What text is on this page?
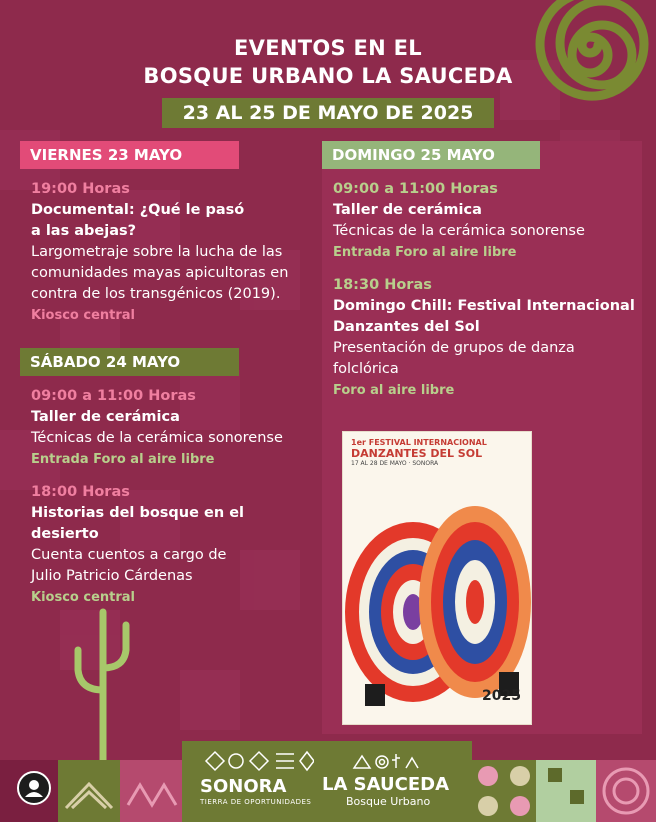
EVENTOS EN EL
BOSQUE URBANO LA SAUCEDA
23 AL 25 DE MAYO DE 2025
VIERNES 23 MAYO
19:00 Horas
Documental: ¿Qué le pasó
a las abejas?
Largometraje sobre la lucha de las
comunidades mayas apicultoras en
contra de los transgénicos (2019).
Kiosco central
SÁBADO 24 MAYO
09:00 a 11:00 Horas
Taller de cerámica
Técnicas de la cerámica sonorense
Entrada Foro al aire libre
18:00 Horas
Historias del bosque en el
desierto
Cuenta cuentos a cargo de
Julio Patricio Cárdenas
Kiosco central
DOMINGO 25 MAYO
09:00 a 11:00 Horas
Taller de cerámica
Técnicas de la cerámica sonorense
Entrada Foro al aire libre
18:30 Horas
Domingo Chill: Festival Internacional
Danzantes del Sol
Presentación de grupos de danza
folclórica
Foro al aire libre
1er FESTIVAL INTERNACIONAL
DANZANTES DEL SOL
17 AL 28 DE MAYO · SONORA
2025
SONORA
TIERRA DE OPORTUNIDADES
LA SAUCEDA
Bosque Urbano
